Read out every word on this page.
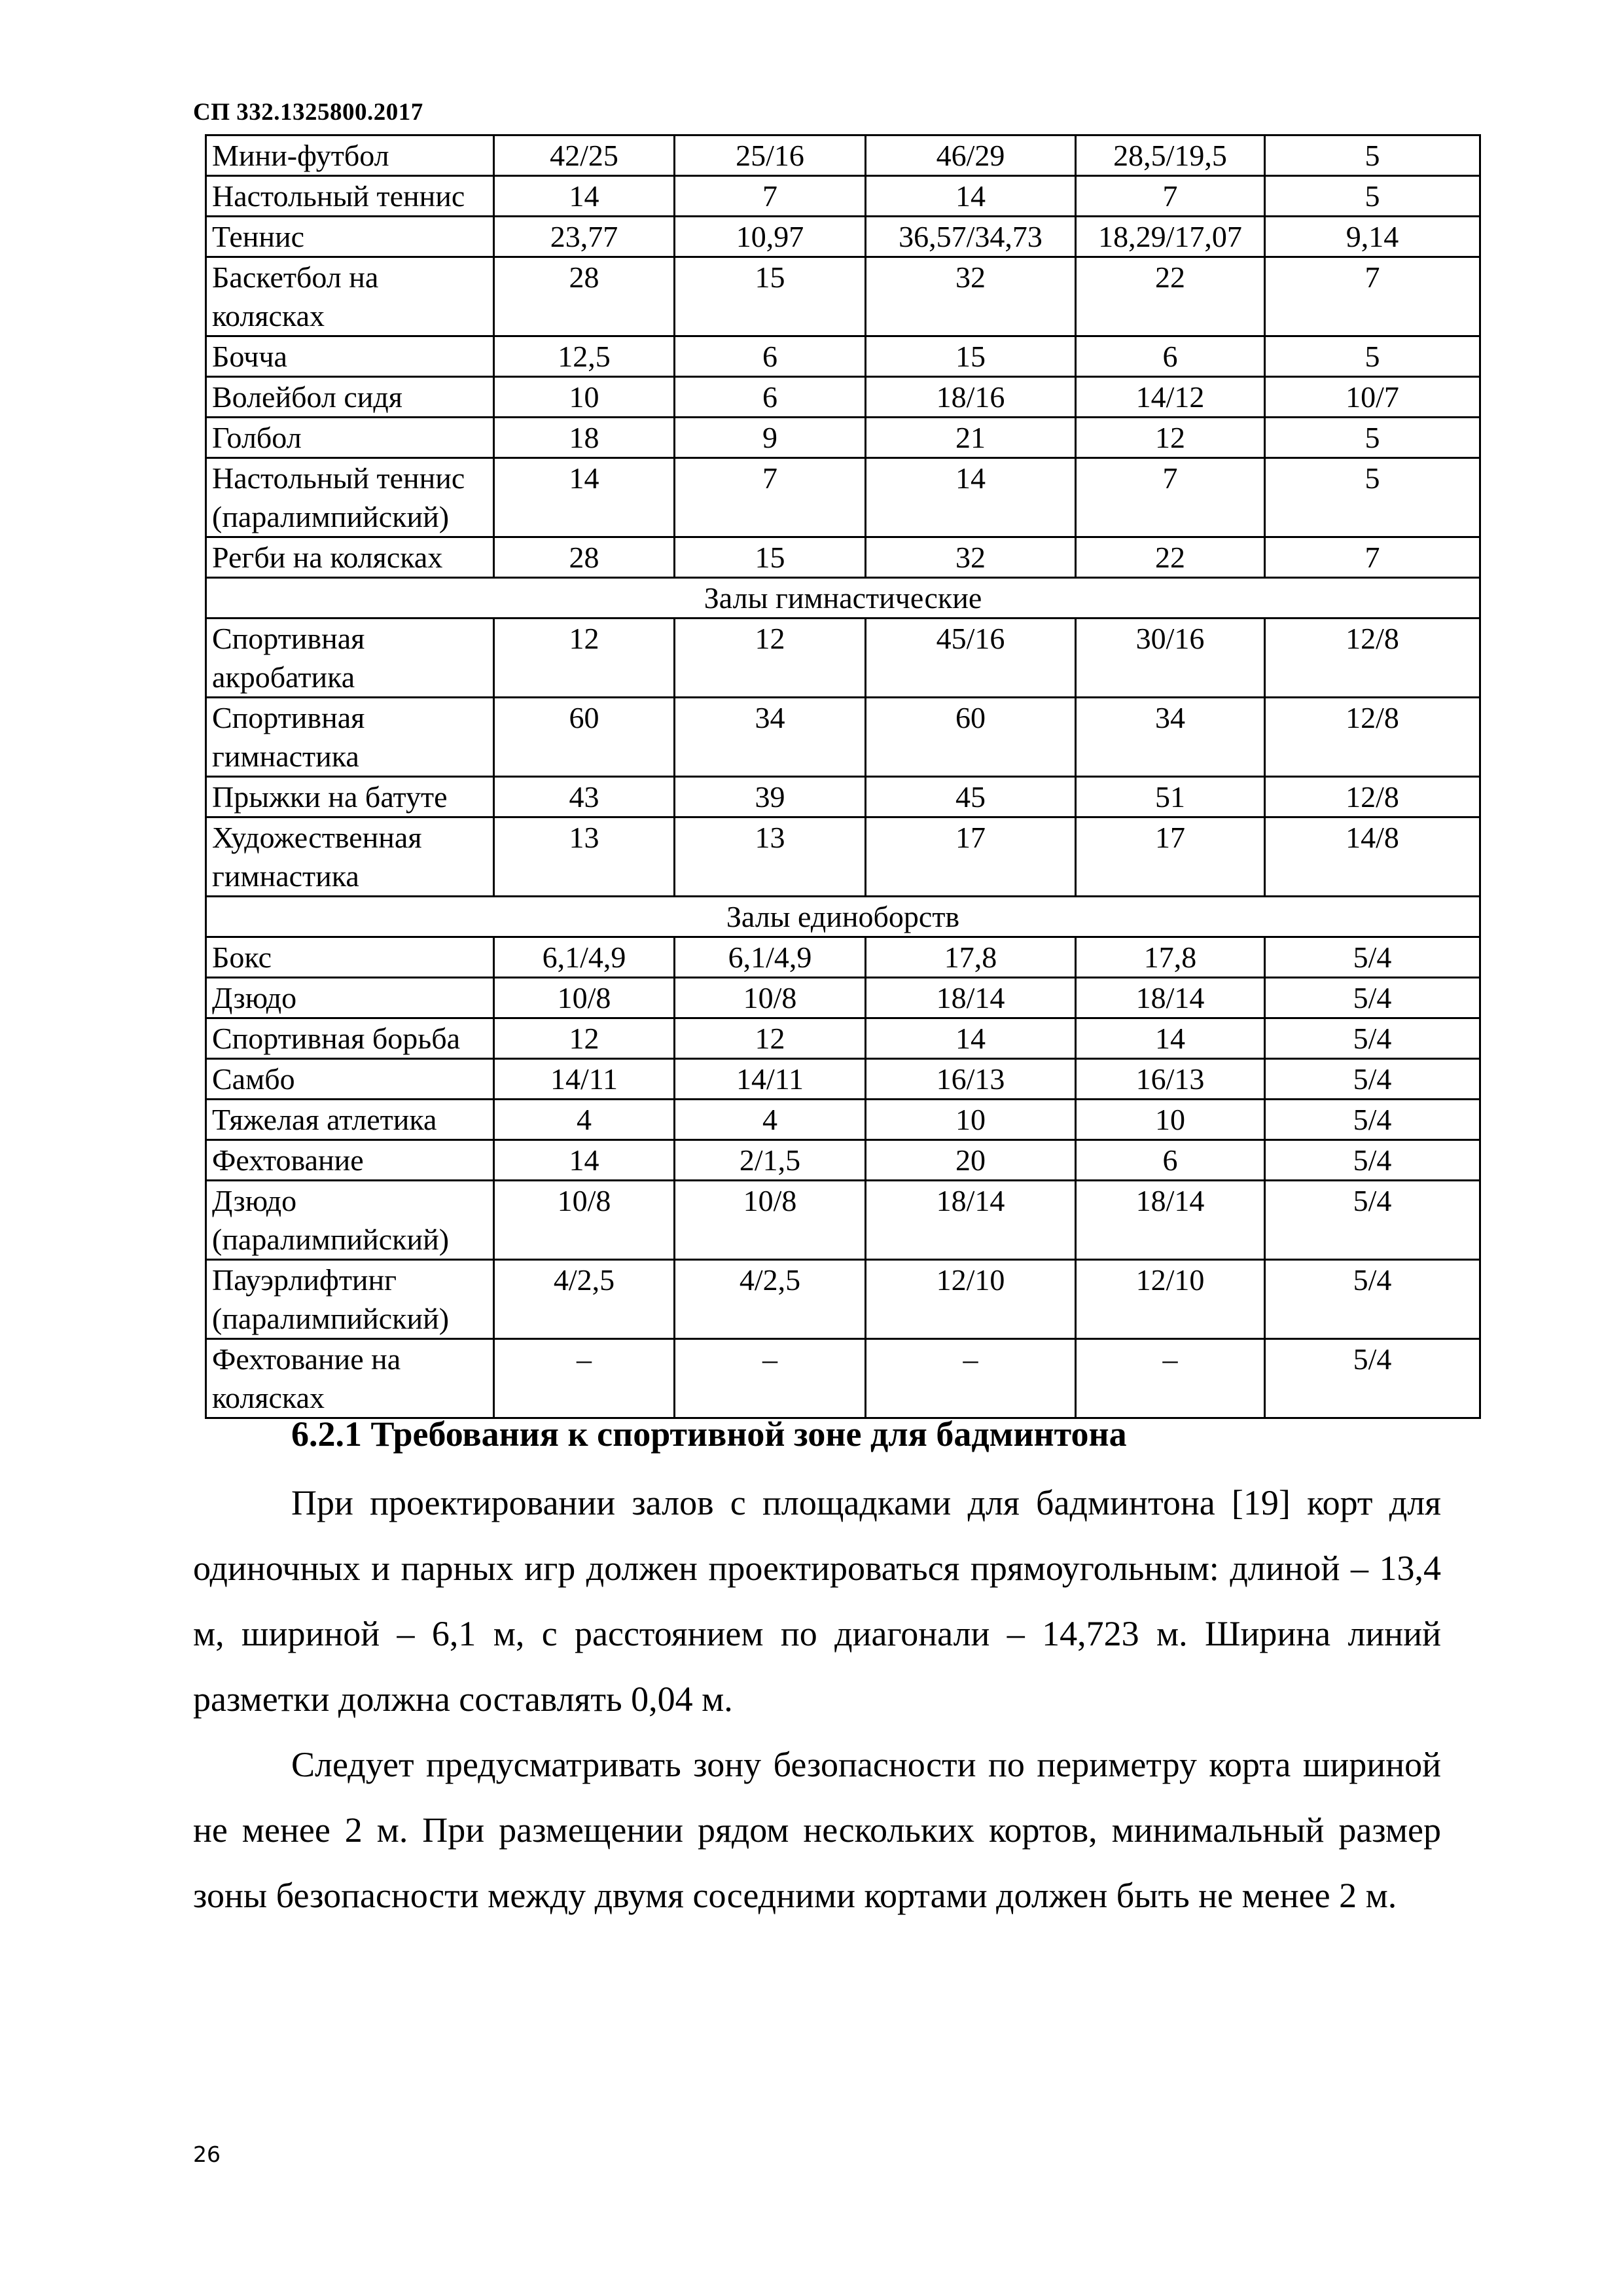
СП 332.1325800.2017
Мини-футбол	42/25	25/16	46/29	28,5/19,5	5
Настольный теннис	14	7	14	7	5
Теннис	23,77	10,97	36,57/34,73	18,29/17,07	9,14
Баскетбол на колясках	28	15	32	22	7
Бочча	12,5	6	15	6	5
Волейбол сидя	10	6	18/16	14/12	10/7
Голбол	18	9	21	12	5
Настольный теннис (паралимпийский)	14	7	14	7	5
Регби на колясках	28	15	32	22	7
Залы гимнастические					
Спортивная акробатика	12	12	45/16	30/16	12/8
Спортивная гимнастика	60	34	60	34	12/8
Прыжки на батуте	43	39	45	51	12/8
Художественная гимнастика	13	13	17	17	14/8
Залы единоборств					
Бокс	6,1/4,9	6,1/4,9	17,8	17,8	5/4
Дзюдо	10/8	10/8	18/14	18/14	5/4
Спортивная борьба	12	12	14	14	5/4
Самбо	14/11	14/11	16/13	16/13	5/4
Тяжелая атлетика	4	4	10	10	5/4
Фехтование	14	2/1,5	20	6	5/4
Дзюдо (паралимпийский)	10/8	10/8	18/14	18/14	5/4
Пауэрлифтинг (паралимпийский)	4/2,5	4/2,5	12/10	12/10	5/4
Фехтование на колясках	–	–	–	–	5/4
6.2.1 Требования к спортивной зоне для бадминтона

При проектировании залов с площадками для бадминтона [19] корт для одиночных и парных игр должен проектироваться прямоугольным: длиной – 13,4 м, шириной – 6,1 м, с расстоянием по диагонали – 14,723 м. Ширина линий разметки должна составлять 0,04 м.

Следует предусматривать зону безопасности по периметру корта шириной не менее 2 м. При размещении рядом нескольких кортов, минимальный размер зоны безопасности между двумя соседними кортами должен быть не менее 2 м.

26
